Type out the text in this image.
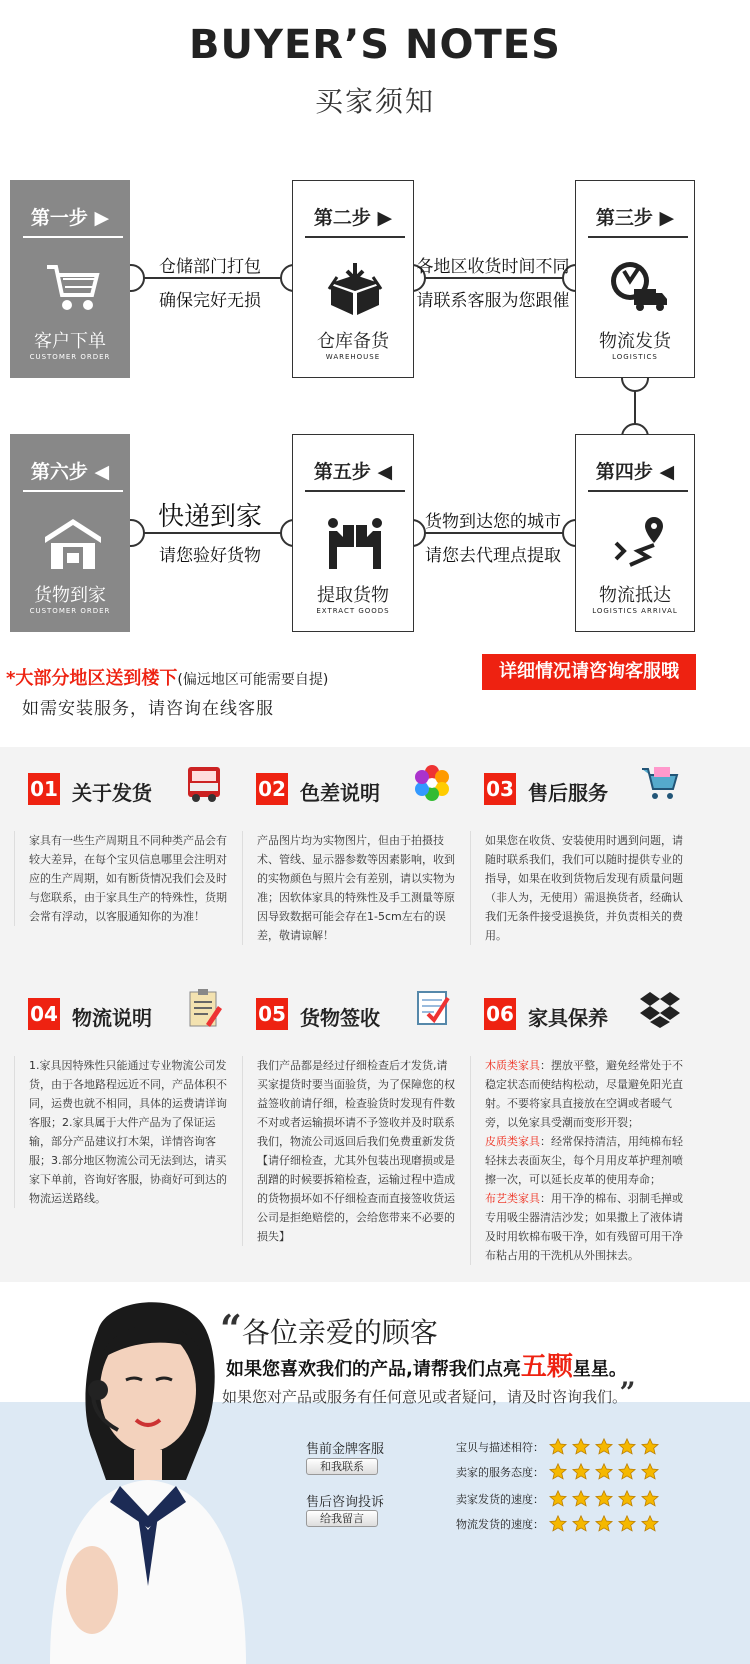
BUYER’S NOTES
买家须知
仓储部门打包
确保完好无损
各地区收货时间不同
请联系客服为您跟催
快递到家
请您验好货物
货物到达您的城市
请您去代理点提取
第一步 ▶
客户下单
CUSTOMER ORDER
第二步 ▶
仓库备货
WAREHOUSE
第三步 ▶
物流发货
LOGISTICS
第四步 ◀
物流抵达
LOGISTICS ARRIVAL
第五步 ◀
提取货物
EXTRACT GOODS
第六步 ◀
货物到家
CUSTOMER ORDER
*大部分地区送到楼下(偏远地区可能需要自提)
如需安装服务，请咨询在线客服
详细情况请咨询客服哦
01 关于发货
家具有一些生产周期且不同种类产品会有较大差异，在每个宝贝信息哪里会注明对应的生产周期，如有断货情况我们会及时与您联系，由于家具生产的特殊性，货期会常有浮动，以客服通知你的为准！
02 色差说明
产品图片均为实物图片，但由于拍摄技术、管线、显示器参数等因素影响，收到的实物颜色与照片会有差别，请以实物为准；因软体家具的特殊性及手工测量等原因导致数据可能会存在1-5cm左右的误差，敬请谅解！
03 售后服务
如果您在收货、安装使用时遇到问题，请随时联系我们，我们可以随时提供专业的指导，如果在收到货物后发现有质量问题（非人为，无使用）需退换货者，经确认我们无条件接受退换货，并负责相关的费用。
04 物流说明
1.家具因特殊性只能通过专业物流公司发货，由于各地路程远近不同，产品体积不同，运费也就不相同，具体的运费请详询客服；2.家具属于大件产品为了保证运输，部分产品建议打木架，详情咨询客服；3.部分地区物流公司无法到达，请买家下单前，咨询好客服，协商好可到达的物流运送路线。
05 货物签收
我们产品都是经过仔细检查后才发货,请买家提货时要当面验货，为了保障您的权益签收前请仔细，检查验货时发现有件数不对或者运输损坏请不予签收并及时联系我们，物流公司返回后我们免费重新发货【请仔细检查，尤其外包装出现磨损或是刮蹭的时候要拆箱检查，运输过程中造成的货物损坏如不仔细检查而直接签收货运公司是拒绝赔偿的，会给您带来不必要的损失】
06 家具保养
木质类家具：摆放平整，避免经常处于不稳定状态而使结构松动，尽量避免阳光直射。不要将家具直接放在空调或者暖气旁，以免家具受潮而变形开裂；
皮质类家具：经常保持清洁，用纯棉布轻轻抹去表面灰尘，每个月用皮革护理剂喷擦一次，可以延长皮革的使用寿命；
布艺类家具：用干净的棉布、羽制毛掸或专用吸尘器清洁沙发；如果撒上了液体请及时用软棉布吸干净，如有残留可用干净布粘占用的干洗机从外围抹去。
“各位亲爱的顾客
如果您喜欢我们的产品,请帮我们点亮五颗星星。
如果您对产品或服务有任何意见或者疑问，请及时咨询我们。”
售前金牌客服
和我联系
售后咨询投诉
给我留言
宝贝与描述相符：
卖家的服务态度：
卖家发货的速度：
物流发货的速度：
